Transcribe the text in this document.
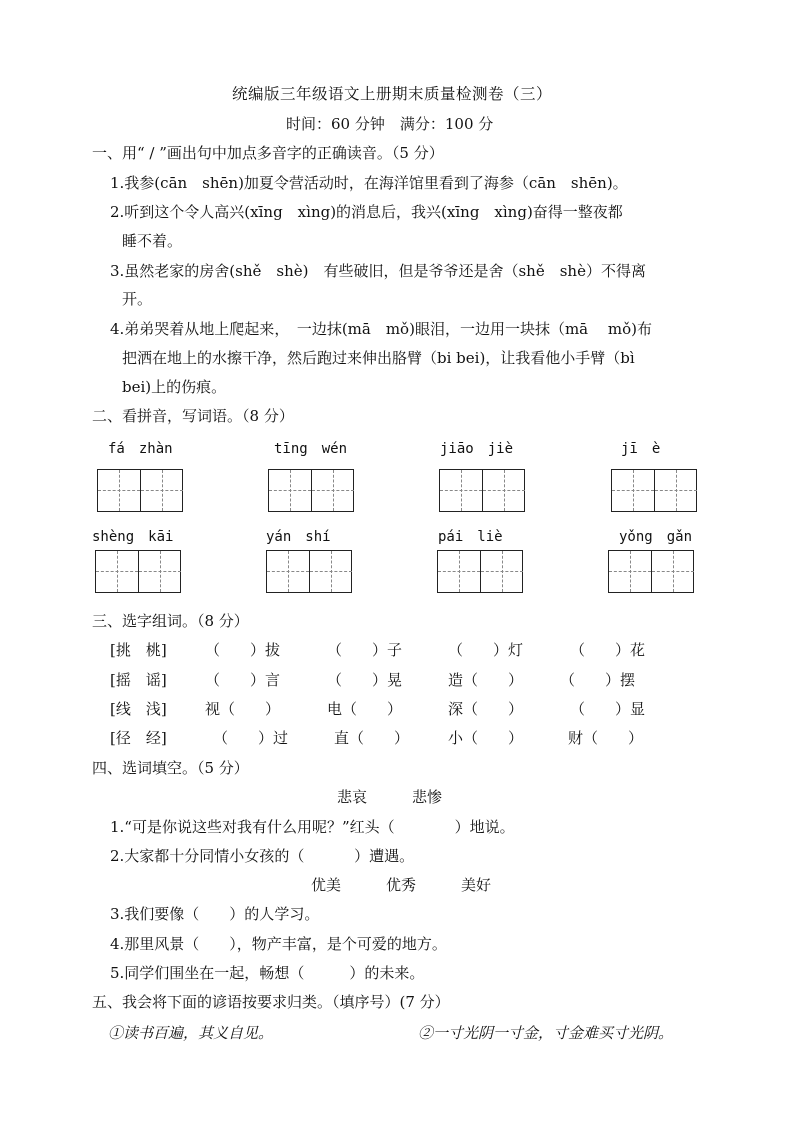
统编版三年级语文上册期末质量检测卷（三）
时间：60 分钟　满分：100 分
一、用“ ∕ ”画出句中加点多音字的正确读音。（5 分）
1.我参(cān　shēn)加夏令营活动时，在海洋馆里看到了海参（cān　shēn)。
2.听到这个令人高兴(xīng　xìng)的消息后，我兴(xīng　xìng)奋得一整夜都
睡不着。
3.虽然老家的房舍(shě　shè)　有些破旧，但是爷爷还是舍（shě　shè）不得离
开。
4.弟弟哭着从地上爬起来，　一边抹(mā　mǒ)眼泪，一边用一块抹（mā　 mǒ)布
把洒在地上的水擦干净，然后跑过来伸出胳臂（bi bei)，让我看他小手臂（bì
bei)上的伤痕。
二、看拼音，写词语。（8 分）
fá　zhàn	tīng　wén	jiāo　jiè	jī　è
shèng　kāi	yán　shí	pái　liè	yǒng　gǎn
三、选字组词。（8 分）
[挑　桃]	（　　）拔	（　　）子	（　　）灯	（　　）花
[摇　谣]	（　　）言	（　　）晃	造（　　） （　　）摆
[线　浅]	视（　　）	电（　　）	深（　　）	（　　）显
[径　经]	（　　）过	直（　　）	小（　　）	财（　　）
四、选词填空。（5 分）
悲哀　　　悲惨
1.“可是你说这些对我有什么用呢？”红头（　　　　）地说。
2.大家都十分同情小女孩的（　　　 ）遭遇。
优美　　　优秀　　　美好
3.我们要像（　　）的人学习。
4.那里风景（　　），物产丰富，是个可爱的地方。
5.同学们围坐在一起，畅想（　　　）的未来。
五、我会将下面的谚语按要求归类。（填序号）(7 分）
①读书百遍，其义自见。	②一寸光阴一寸金，寸金难买寸光阴。
